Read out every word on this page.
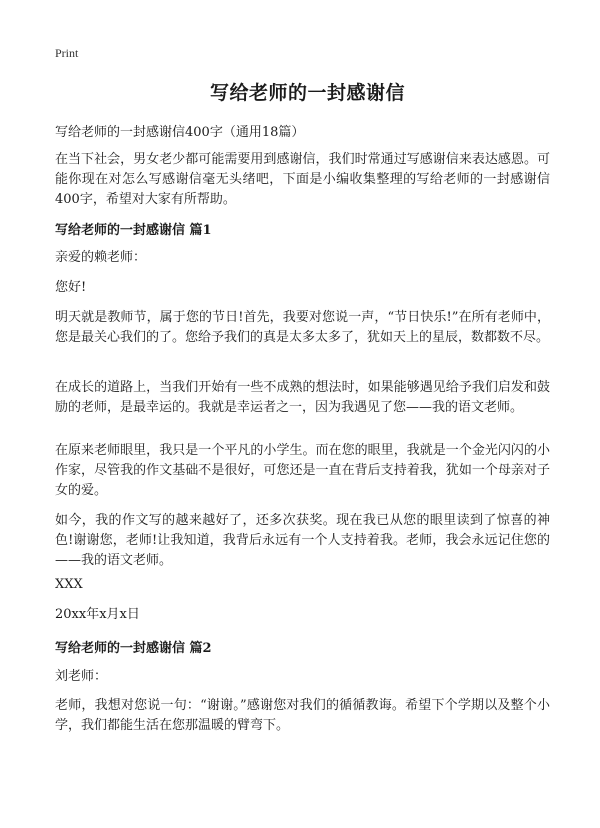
Print
写给老师的一封感谢信

写给老师的一封感谢信400字（通用18篇）

在当下社会，男女老少都可能需要用到感谢信，我们时常通过写感谢信来表达感恩。可能你现在对怎么写感谢信毫无头绪吧，下面是小编收集整理的写给老师的一封感谢信400字，希望对大家有所帮助。

写给老师的一封感谢信 篇1

亲爱的赖老师：

您好!

明天就是教师节，属于您的节日!首先，我要对您说一声，“节日快乐!”在所有老师中，您是最关心我们的了。您给予我们的真是太多太多了，犹如天上的星辰，数都数不尽。

在成长的道路上，当我们开始有一些不成熟的想法时，如果能够遇见给予我们启发和鼓励的老师，是最幸运的。我就是幸运者之一，因为我遇见了您——我的语文老师。

在原来老师眼里，我只是一个平凡的小学生。而在您的眼里，我就是一个金光闪闪的小作家，尽管我的作文基础不是很好，可您还是一直在背后支持着我，犹如一个母亲对子女的爱。

如今，我的作文写的越来越好了，还多次获奖。现在我已从您的眼里读到了惊喜的神色!谢谢您，老师!让我知道，我背后永远有一个人支持着我。老师，我会永远记住您的——我的语文老师。

XXX

20xx年x月x日

写给老师的一封感谢信 篇2

刘老师：

老师，我想对您说一句：“谢谢。”感谢您对我们的循循教诲。希望下个学期以及整个小学，我们都能生活在您那温暖的臂弯下。
